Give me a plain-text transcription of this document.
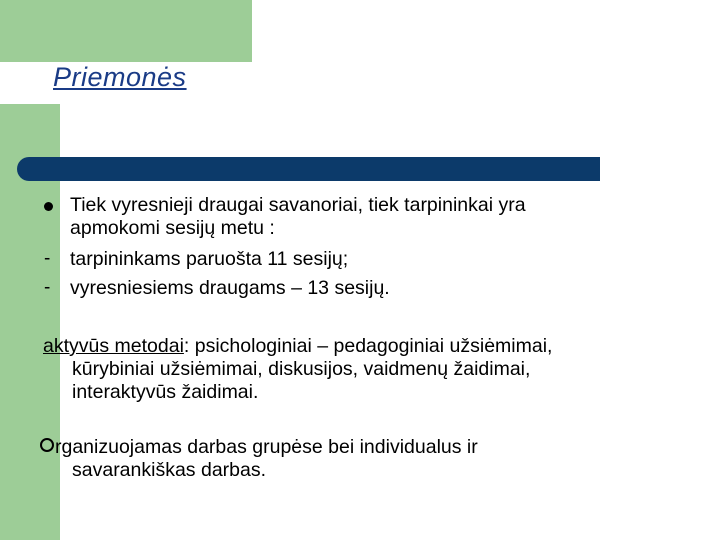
Priemonės
Tiek vyresnieji draugai savanoriai, tiek tarpininkai yra
apmokomi sesijų metu :
- tarpininkams paruošta 11 sesijų;
- vyresniesiems draugams – 13 sesijų.
aktyvūs metodai: psichologiniai – pedagoginiai užsiėmimai,
kūrybiniai užsiėmimai, diskusijos, vaidmenų žaidimai,
interaktyvūs žaidimai.
rganizuojamas darbas grupėse bei individualus ir
savarankiškas darbas.
